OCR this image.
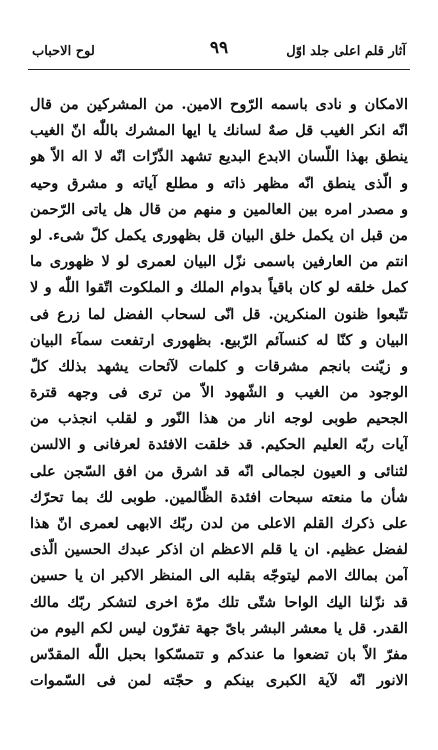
آثار قلم اعلى جلد اوّل
٩٩
لوح الاحباب
الامكان و نادى باسمه الرّوح الامين. من المشركين من قال
انّه انكر الغيب قل صهٌ لسانك يا ايها المشرك باللّٰه انّ الغيب
ينطق بهذا اللّسان الابدع البديع تشهد الذّرّات انّه لا اله الاّ هو
و الّذى ينطق انّه مظهر ذاته و مطلع آياته و مشرق وحيه
و مصدر امره بين العالمين و منهم من قال هل ياتى الرّحمن
من قبل ان يكمل خلق البيان قل بظهورى يكمل كلّ شىء. لو
انتم من العارفين باسمى نزّل البيان لعمرى لو لا ظهورى ما
كمل خلقه لو كان باقياً بدوام الملك و الملكوت اتّقوا اللّٰه و لا
تتّبعوا ظنون المنكرين. قل انّى لسحاب الفضل لما زرع فى
البيان و كنّا له كنسآئم الرّبيع. بظهورى ارتفعت سمآء البيان
و زيّنت بانجم مشرقات و كلمات لآئحات يشهد بذلك كلّ
الوجود من الغيب و الشّهود الاّ من ترى فى وجهه قترة
الجحيم طوبى لوجه انار من هذا النّور و لقلب انجذب من
آيات ربّه العليم الحكيم. قد خلقت الافئدة لعرفانى و الالسن
لثنائى و العيون لجمالى انّه قد اشرق من افق السّجن على
شأن ما منعته سبحات افئدة الظّالمين. طوبى لك بما تحرّك
على ذكرك القلم الاعلى من لدن ربّك الابهى لعمرى انّ هذا
لفضل عظيم. ان يا قلم الاعظم ان اذكر عبدك الحسين الّذى
آمن بمالك الامم ليتوجّه بقلبه الى المنظر الاكبر ان يا حسين
قد نزّلنا اليك الواحا شتّى تلك مرّة اخرى لتشكر ربّك مالك
القدر. قل يا معشر البشر باىّ جهة تفرّون ليس لكم اليوم من
مفرّ الاّ بان تضعوا ما عندكم و تتمسّكوا بحبل اللّٰه المقدّس
الانور انّه لآية الكبرى بينكم و حجّته لمن فى السّموات
